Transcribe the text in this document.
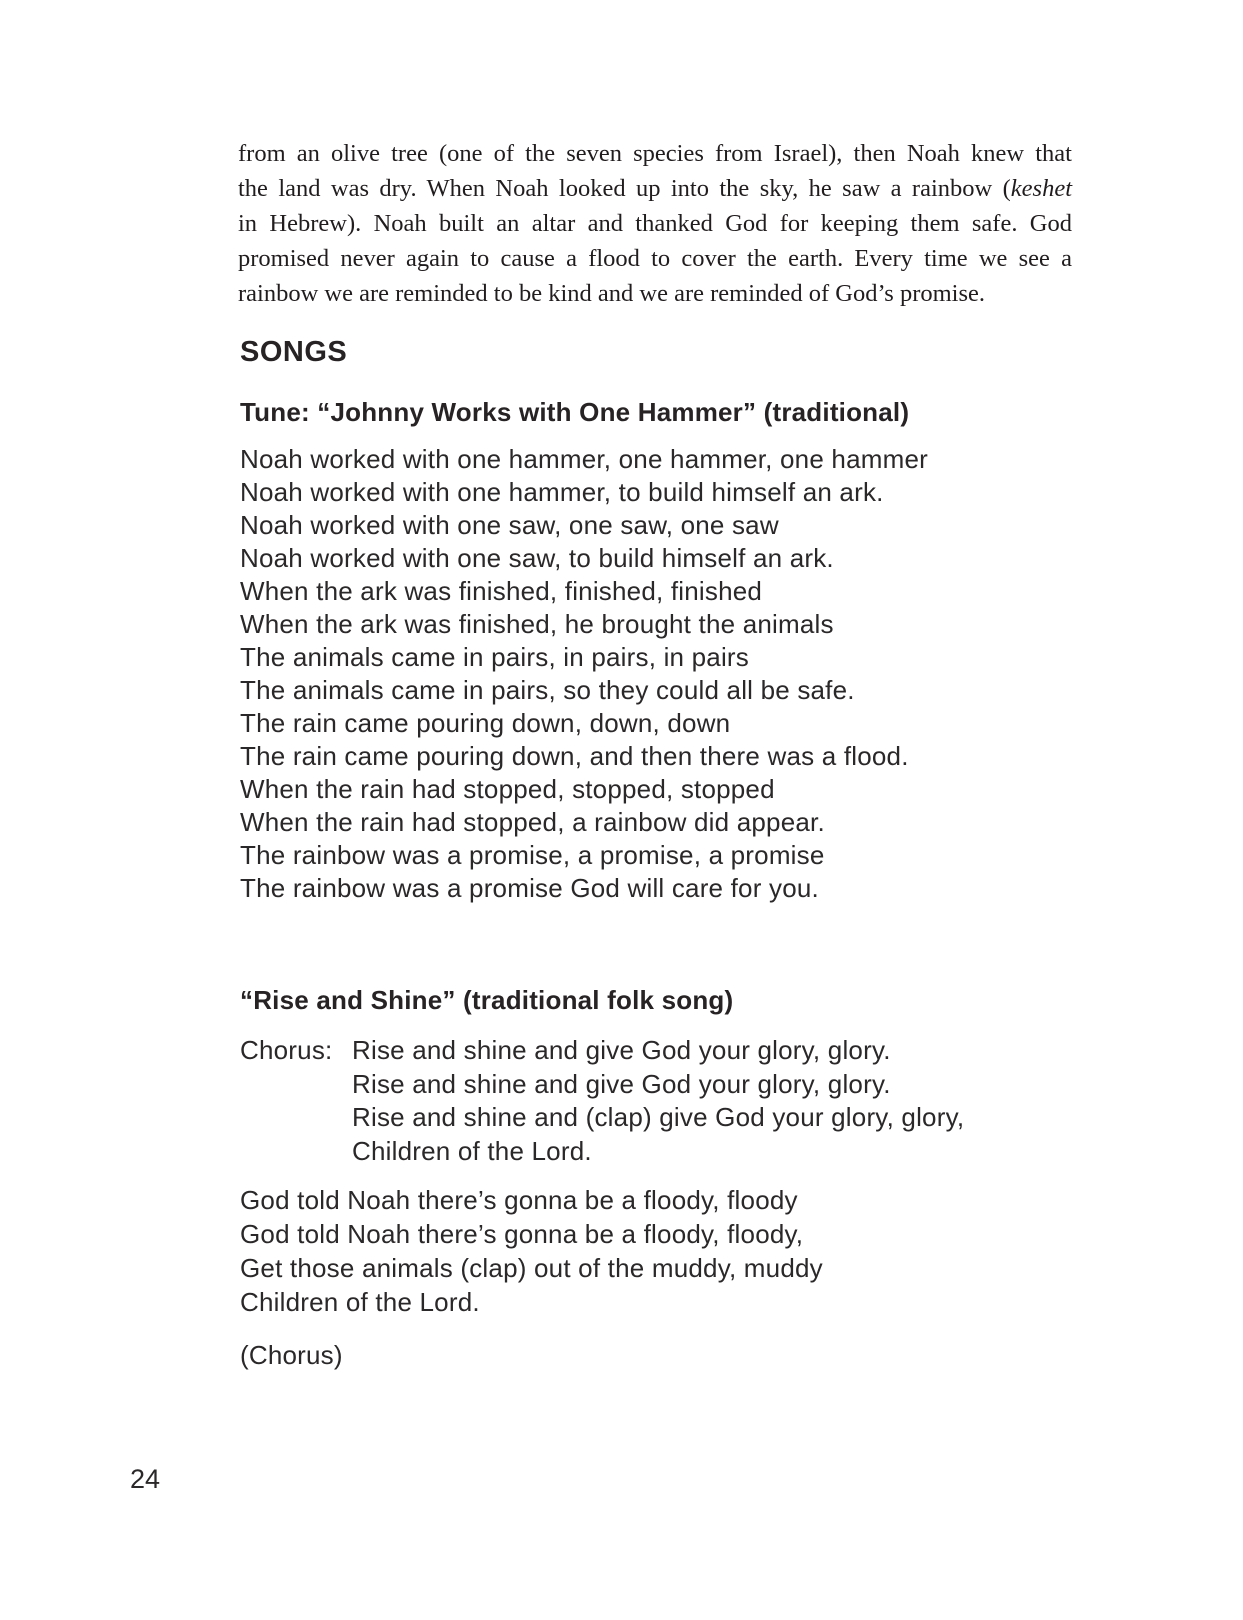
from an olive tree (one of the seven species from Israel), then Noah knew that
the land was dry. When Noah looked up into the sky, he saw a rainbow (keshet
in Hebrew). Noah built an altar and thanked God for keeping them safe. God
promised never again to cause a flood to cover the earth. Every time we see a
rainbow we are reminded to be kind and we are reminded of God’s promise.
SONGS
Tune: “Johnny Works with One Hammer” (traditional)
Noah worked with one hammer, one hammer, one hammer
Noah worked with one hammer, to build himself an ark.
Noah worked with one saw, one saw, one saw
Noah worked with one saw, to build himself an ark.
When the ark was finished, finished, finished
When the ark was finished, he brought the animals
The animals came in pairs, in pairs, in pairs
The animals came in pairs, so they could all be safe.
The rain came pouring down, down, down
The rain came pouring down, and then there was a flood.
When the rain had stopped, stopped, stopped
When the rain had stopped, a rainbow did appear.
The rainbow was a promise, a promise, a promise
The rainbow was a promise God will care for you.
“Rise and Shine” (traditional folk song)
Chorus: Rise and shine and give God your glory, glory.
Rise and shine and give God your glory, glory.
Rise and shine and (clap) give God your glory, glory,
Children of the Lord.
God told Noah there’s gonna be a floody, floody
God told Noah there’s gonna be a floody, floody,
Get those animals (clap) out of the muddy, muddy
Children of the Lord.
(Chorus)
24
